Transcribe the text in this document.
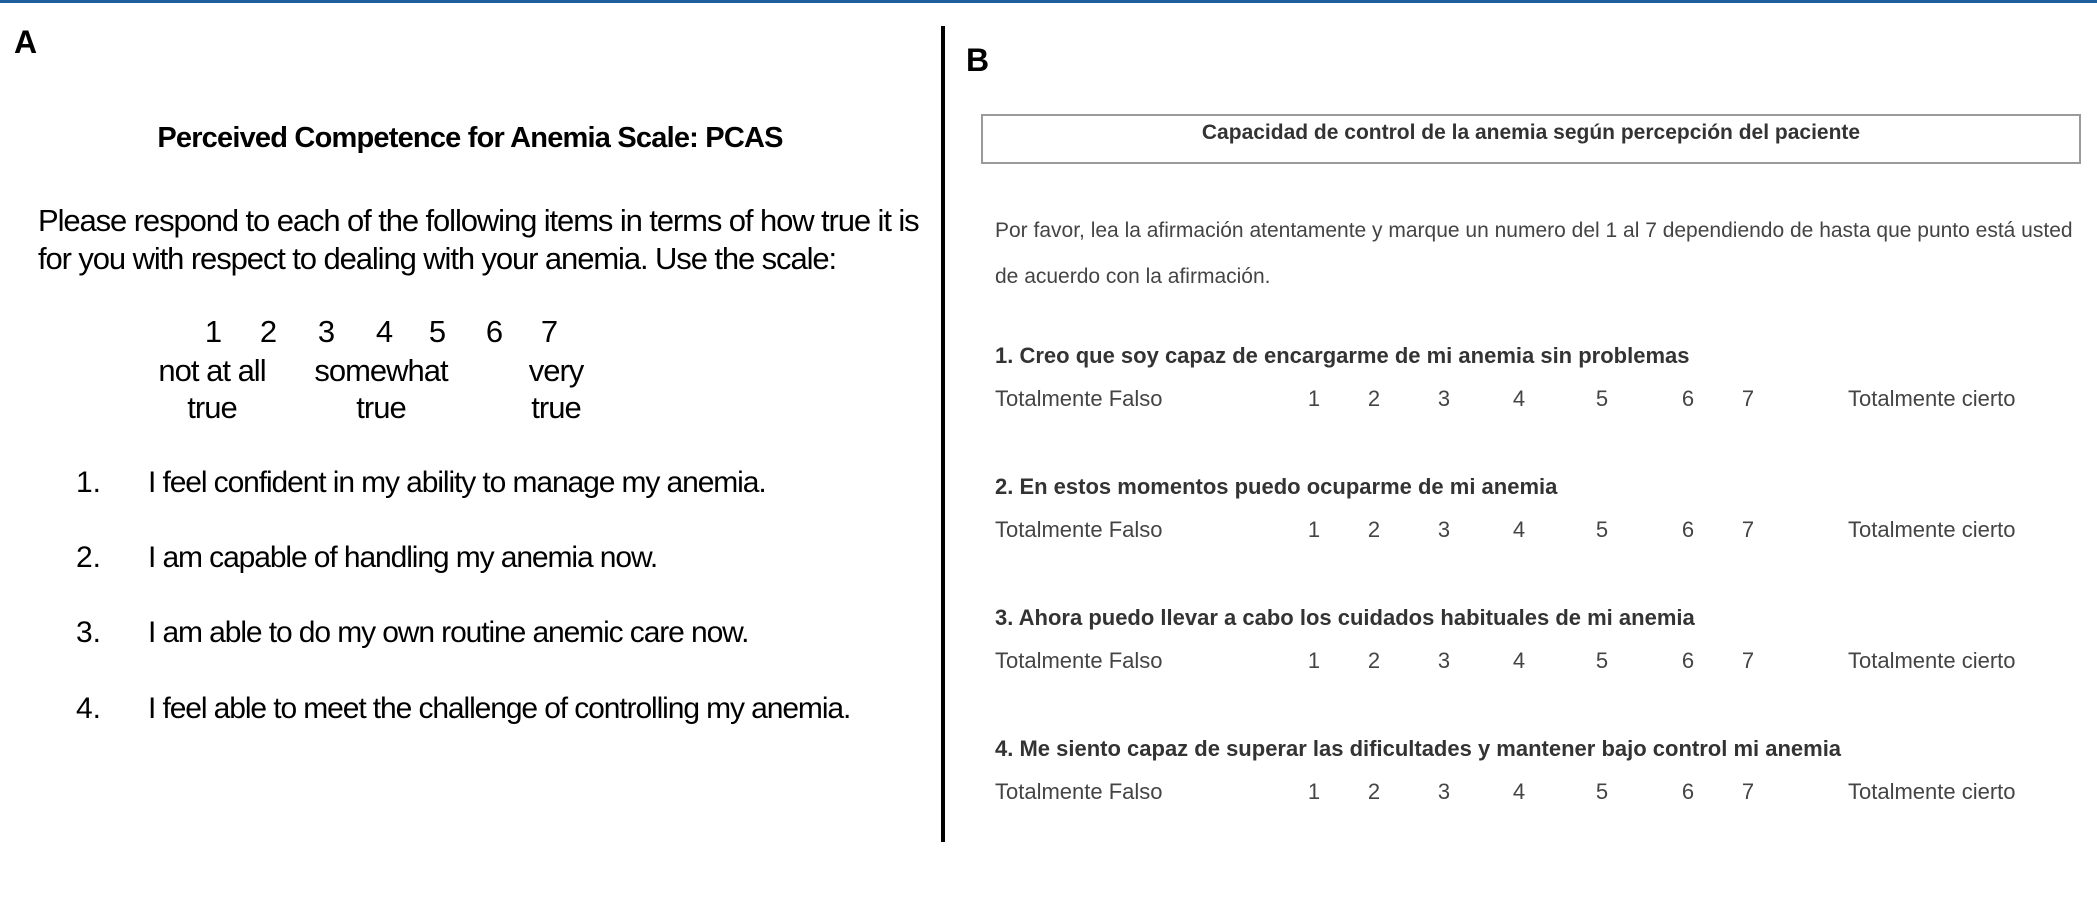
A
Perceived Competence for Anemia Scale: PCAS
Please respond to each of the following items in terms of how true it is for you with respect to dealing with your anemia. Use the scale:
1 2 3 4 5 6 7
not at all
true
somewhat
true
very
true
1. I feel confident in my ability to manage my anemia.
2. I am capable of handling my anemia now.
3. I am able to do my own routine anemic care now.
4. I feel able to meet the challenge of controlling my anemia.
B
Capacidad de control de la anemia según percepción del paciente
Por favor, lea la afirmación atentamente y marque un numero del 1 al 7 dependiendo de hasta que punto está usted de acuerdo con la afirmación.
1. Creo que soy capaz de encargarme de mi anemia sin problemas
Totalmente Falso	1 2	3	4	5	6 7	Totalmente cierto
2. En estos momentos puedo ocuparme de mi anemia
Totalmente Falso	1 2	3	4	5	6 7	Totalmente cierto
3. Ahora puedo llevar a cabo los cuidados habituales de mi anemia
Totalmente Falso	1 2	3	4	5	6 7	Totalmente cierto
4. Me siento capaz de superar las dificultades y mantener bajo control mi anemia
Totalmente Falso	1 2	3	4	5	6 7	Totalmente cierto
